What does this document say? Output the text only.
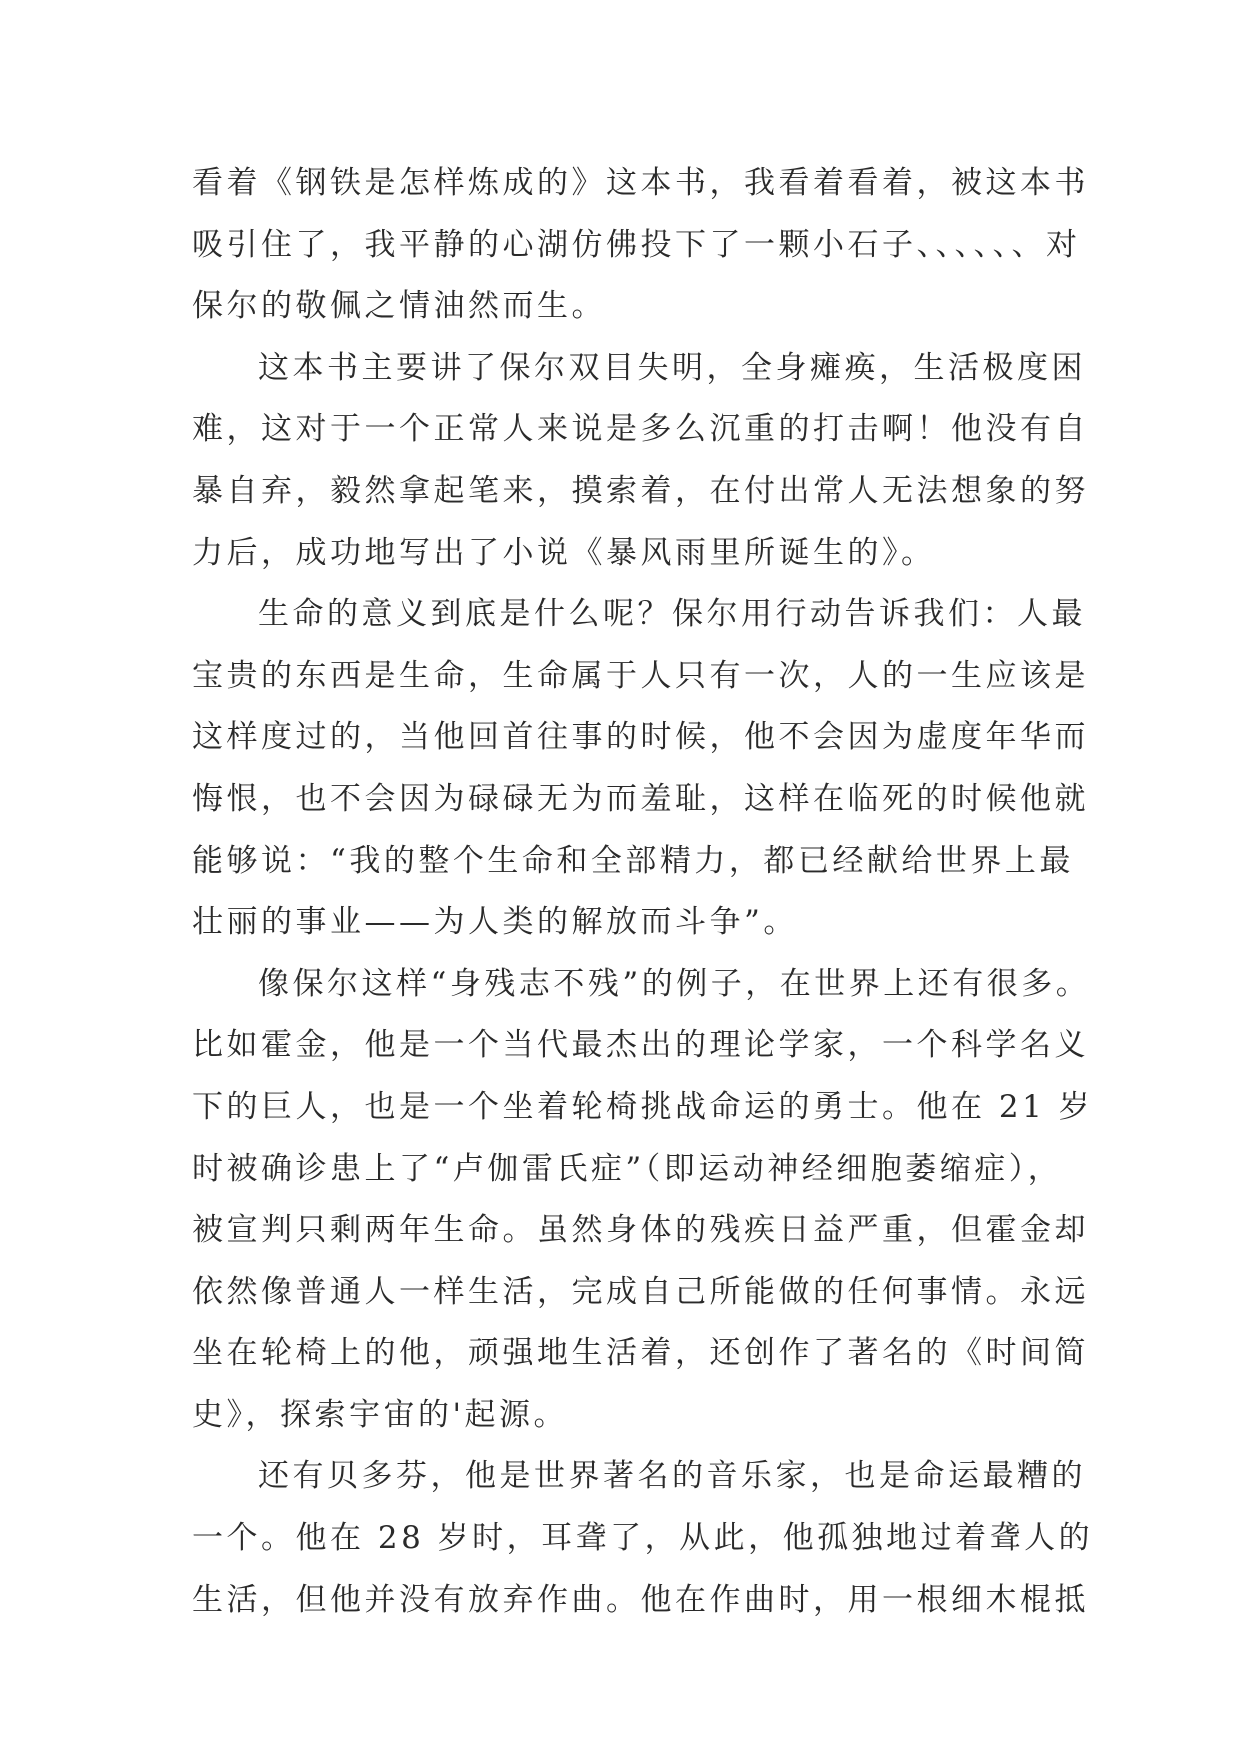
看着《钢铁是怎样炼成的》这本书，我看着看着，被这本书
吸引住了，我平静的心湖仿佛投下了一颗小石子、、、、、、对
保尔的敬佩之情油然而生。
这本书主要讲了保尔双目失明，全身瘫痪，生活极度困
难，这对于一个正常人来说是多么沉重的打击啊！他没有自
暴自弃，毅然拿起笔来，摸索着，在付出常人无法想象的努
力后，成功地写出了小说《暴风雨里所诞生的》。
生命的意义到底是什么呢？保尔用行动告诉我们：人最
宝贵的东西是生命，生命属于人只有一次，人的一生应该是
这样度过的，当他回首往事的时候，他不会因为虚度年华而
悔恨，也不会因为碌碌无为而羞耻，这样在临死的时候他就
能够说：“我的整个生命和全部精力，都已经献给世界上最
壮丽的事业——为人类的解放而斗争”。
像保尔这样“身残志不残”的例子，在世界上还有很多。
比如霍金，他是一个当代最杰出的理论学家，一个科学名义
下的巨人，也是一个坐着轮椅挑战命运的勇士。他在 21 岁
时被确诊患上了“卢伽雷氏症”（即运动神经细胞萎缩症），
被宣判只剩两年生命。虽然身体的残疾日益严重，但霍金却
依然像普通人一样生活，完成自己所能做的任何事情。永远
坐在轮椅上的他，顽强地生活着，还创作了著名的《时间简
史》，探索宇宙的'起源。
还有贝多芬，他是世界著名的音乐家，也是命运最糟的
一个。他在 28 岁时，耳聋了，从此，他孤独地过着聋人的
生活，但他并没有放弃作曲。他在作曲时，用一根细木棍抵
